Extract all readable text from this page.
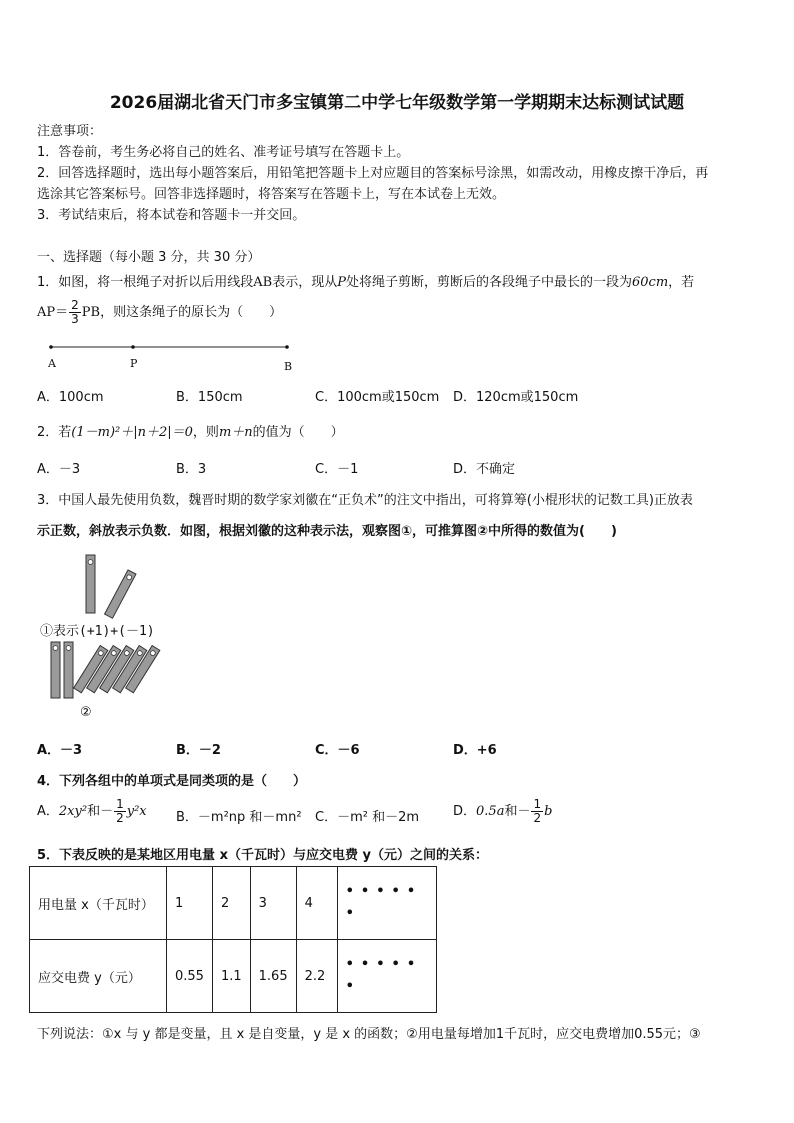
2026届湖北省天门市多宝镇第二中学七年级数学第一学期期末达标测试试题
注意事项：
1．答卷前，考生务必将自己的姓名、准考证号填写在答题卡上。
2．回答选择题时，选出每小题答案后，用铅笔把答题卡上对应题目的答案标号涂黑，如需改动，用橡皮擦干净后，再
选涂其它答案标号。回答非选择题时，将答案写在答题卡上，写在本试卷上无效。
3．考试结束后，将本试卷和答题卡一并交回。
一、选择题（每小题 3 分，共 30 分）
1．如图，将一根绳子对折以后用线段AB表示，现从P处将绳子剪断，剪断后的各段绳子中最长的一段为60cm，若
$AP= \frac{2}{3}$ PB，则这条绳子的原长为（　　）
A	P	B
A．100cm	B．150cm	C．100cm或150cm D．120cm或150cm
2．若(1－m)²＋|n＋2|＝0，则m＋n的值为（　　）
A．－3	B．3	C．－1	D．不确定
3．中国人最先使用负数，魏晋时期的数学家刘徽在“正负术”的注文中指出，可将算筹(小棍形状的记数工具)正放表
示正数，斜放表示负数．如图，根据刘徽的这种表示法，观察图①，可推算图②中所得的数值为(　　)
①表示(+1)+(－1)
②
A．－3	B．－2	C．－6	D．+6
4．下列各组中的单项式是同类项的是（　　）
A．2xy²和－ $\frac{1}{2} y^2x$ B．－m²np 和－mn² C．－m² 和－2m	D．0.5a和－ $\frac{1}{2}$ b
5．下表反映的是某地区用电量 x（千瓦时）与应交电费 y（元）之间的关系：
用电量 x（千瓦时）	1	2	3	4	•••••
•

应交电费 y（元）	0.55	1.1	1.65	2.2	•••••
•
下列说法：①x 与 y 都是变量，且 x 是自变量，y 是 x 的函数；②用电量每增加1千瓦时，应交电费增加0.55元；③
